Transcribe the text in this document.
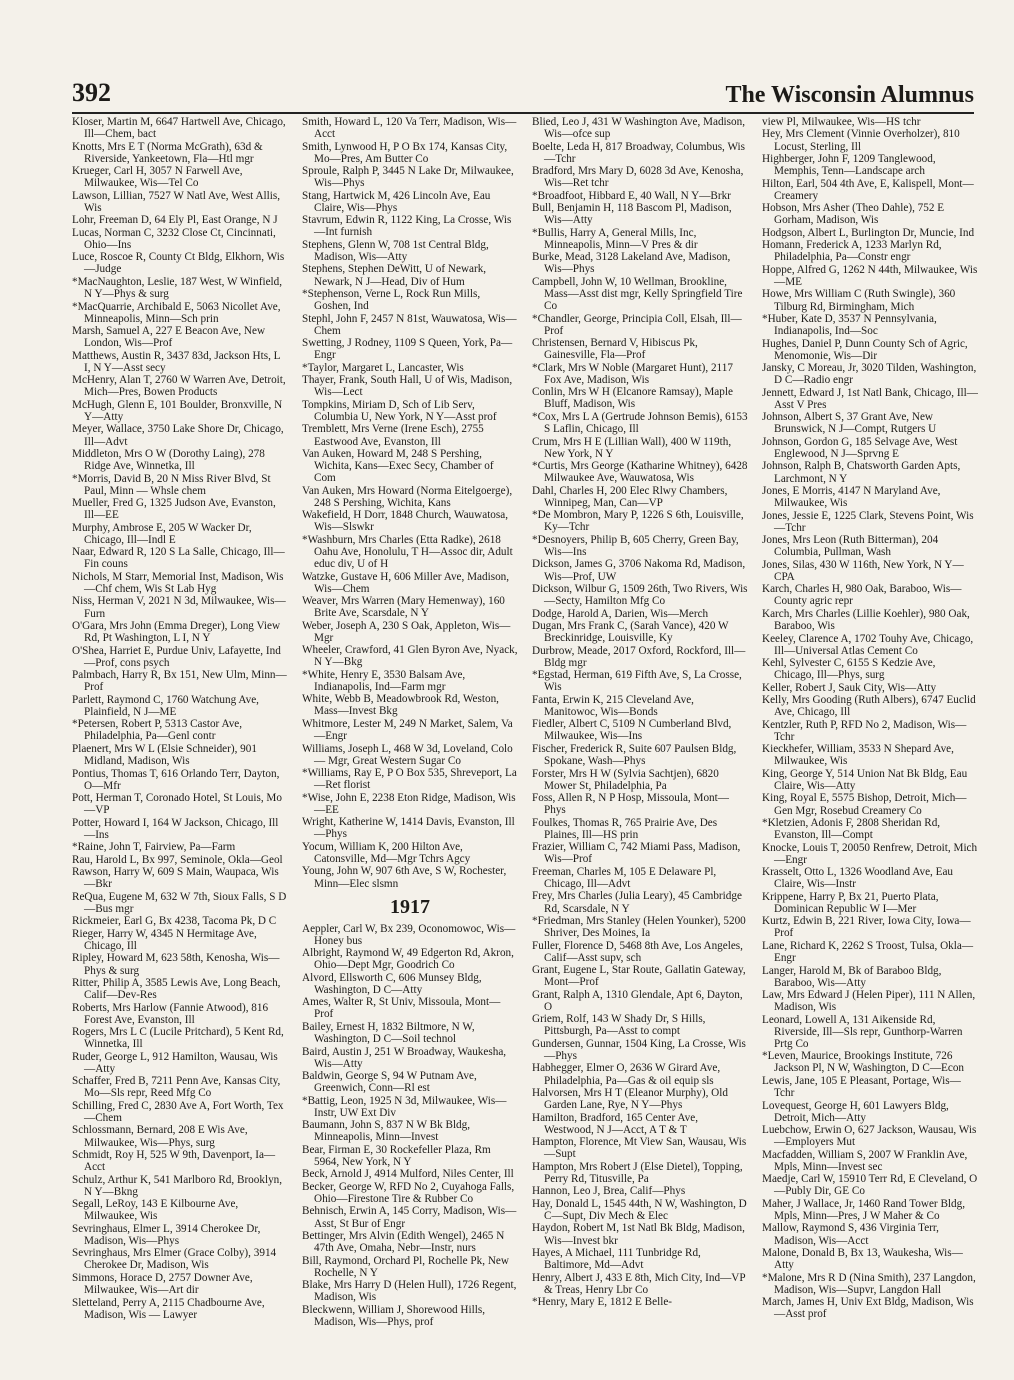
392	The Wisconsin Alumnus

Kloser, Martin M, 6647 Hartwell Ave, Chicago, Ill—Chem, bact

Knotts, Mrs E T (Norma McGrath), 63d & Riverside, Yankeetown, Fla—Htl mgr

Krueger, Carl H, 3057 N Farwell Ave, Milwaukee, Wis—Tel Co

Lawson, Lillian, 7527 W Natl Ave, West Allis, Wis

Lohr, Freeman D, 64 Ely Pl, East Orange, N J

Lucas, Norman C, 3232 Close Ct, Cincinnati, Ohio—Ins

Luce, Roscoe R, County Ct Bldg, Elkhorn, Wis—Judge

*MacNaughton, Leslie, 187 West, W Winfield, N Y—Phys & surg

*MacQuarrie, Archibald E, 5063 Nicollet Ave, Minneapolis, Minn—Sch prin

Marsh, Samuel A, 227 E Beacon Ave, New London, Wis—Prof

Matthews, Austin R, 3437 83d, Jackson Hts, L I, N Y—Asst secy

McHenry, Alan T, 2760 W Warren Ave, Detroit, Mich—Pres, Bowen Products

McHugh, Glenn E, 101 Boulder, Bronxville, N Y—Atty

Meyer, Wallace, 3750 Lake Shore Dr, Chicago, Ill—Advt

Middleton, Mrs O W (Dorothy Laing), 278 Ridge Ave, Winnetka, Ill

*Morris, David B, 20 N Miss River Blvd, St Paul, Minn — Whsle chem

Mueller, Fred G, 1325 Judson Ave, Evanston, Ill—EE

Murphy, Ambrose E, 205 W Wacker Dr, Chicago, Ill—Indl E

Naar, Edward R, 120 S La Salle, Chicago, Ill—Fin couns

Nichols, M Starr, Memorial Inst, Madison, Wis—Chf chem, Wis St Lab Hyg

Niss, Herman V, 2021 N 3d, Milwaukee, Wis—Furn

O'Gara, Mrs John (Emma Dreger), Long View Rd, Pt Washington, L I, N Y

O'Shea, Harriet E, Purdue Univ, Lafayette, Ind—Prof, cons psych

Palmbach, Harry R, Bx 151, New Ulm, Minn—Prof

Parlett, Raymond C, 1760 Watchung Ave, Plainfield, N J—ME

*Petersen, Robert P, 5313 Castor Ave, Philadelphia, Pa—Genl contr

Plaenert, Mrs W L (Elsie Schneider), 901 Midland, Madison, Wis

Pontius, Thomas T, 616 Orlando Terr, Dayton, O—Mfr

Pott, Herman T, Coronado Hotel, St Louis, Mo—VP

Potter, Howard I, 164 W Jackson, Chicago, Ill—Ins

*Raine, John T, Fairview, Pa—Farm

Rau, Harold L, Bx 997, Seminole, Okla—Geol

Rawson, Harry W, 609 S Main, Waupaca, Wis—Bkr

ReQua, Eugene M, 632 W 7th, Sioux Falls, S D—Bus mgr

Rickmeier, Earl G, Bx 4238, Tacoma Pk, D C

Rieger, Harry W, 4345 N Hermitage Ave, Chicago, Ill

Ripley, Howard M, 623 58th, Kenosha, Wis—Phys & surg

Ritter, Philip A, 3585 Lewis Ave, Long Beach, Calif—Dev-Res

Roberts, Mrs Harlow (Fannie Atwood), 816 Forest Ave, Evanston, Ill

Rogers, Mrs L C (Lucile Pritchard), 5 Kent Rd, Winnetka, Ill

Ruder, George L, 912 Hamilton, Wausau, Wis—Atty

Schaffer, Fred B, 7211 Penn Ave, Kansas City, Mo—Sls repr, Reed Mfg Co

Schilling, Fred C, 2830 Ave A, Fort Worth, Tex—Chem

Schlossmann, Bernard, 208 E Wis Ave, Milwaukee, Wis—Phys, surg

Schmidt, Roy H, 525 W 9th, Davenport, Ia—Acct

Schulz, Arthur K, 541 Marlboro Rd, Brooklyn, N Y—Bkng

Segall, LeRoy, 143 E Kilbourne Ave, Milwaukee, Wis

Sevringhaus, Elmer L, 3914 Cherokee Dr, Madison, Wis—Phys

Sevringhaus, Mrs Elmer (Grace Colby), 3914 Cherokee Dr, Madison, Wis

Simmons, Horace D, 2757 Downer Ave, Milwaukee, Wis—Art dir

Sletteland, Perry A, 2115 Chadbourne Ave, Madison, Wis — Lawyer

Smith, Howard L, 120 Va Terr, Madison, Wis—Acct

Smith, Lynwood H, P O Bx 174, Kansas City, Mo—Pres, Am Butter Co

Sproule, Ralph P, 3445 N Lake Dr, Milwaukee, Wis—Phys

Stang, Hartwick M, 426 Lincoln Ave, Eau Claire, Wis—Phys

Stavrum, Edwin R, 1122 King, La Crosse, Wis—Int furnish

Stephens, Glenn W, 708 1st Central Bldg, Madison, Wis—Atty

Stephens, Stephen DeWitt, U of Newark, Newark, N J—Head, Div of Hum

*Stephenson, Verne L, Rock Run Mills, Goshen, Ind

Stephl, John F, 2457 N 81st, Wauwatosa, Wis—Chem

Swetting, J Rodney, 1109 S Queen, York, Pa—Engr

*Taylor, Margaret L, Lancaster, Wis

Thayer, Frank, South Hall, U of Wis, Madison, Wis—Lect

Tompkins, Miriam D, Sch of Lib Serv, Columbia U, New York, N Y—Asst prof

Tremblett, Mrs Verne (Irene Esch), 2755 Eastwood Ave, Evanston, Ill

Van Auken, Howard M, 248 S Pershing, Wichita, Kans—Exec Secy, Chamber of Com

Van Auken, Mrs Howard (Norma Eitelgoerge), 248 S Pershing, Wichita, Kans

Wakefield, H Dorr, 1848 Church, Wauwatosa, Wis—Slswkr

*Washburn, Mrs Charles (Etta Radke), 2618 Oahu Ave, Honolulu, T H—Assoc dir, Adult educ div, U of H

Watzke, Gustave H, 606 Miller Ave, Madison, Wis—Chem

Weaver, Mrs Warren (Mary Hemenway), 160 Brite Ave, Scarsdale, N Y

Weber, Joseph A, 230 S Oak, Appleton, Wis—Mgr

Wheeler, Crawford, 41 Glen Byron Ave, Nyack, N Y—Bkg

*White, Henry E, 3530 Balsam Ave, Indianapolis, Ind—Farm mgr

White, Webb B, Meadowbrook Rd, Weston, Mass—Invest Bkg

Whitmore, Lester M, 249 N Market, Salem, Va—Engr

Williams, Joseph L, 468 W 3d, Loveland, Colo — Mgr, Great Western Sugar Co

*Williams, Ray E, P O Box 535, Shreveport, La—Ret florist

*Wise, John E, 2238 Eton Ridge, Madison, Wis—EE

Wright, Katherine W, 1414 Davis, Evanston, Ill—Phys

Yocum, William K, 200 Hilton Ave, Catonsville, Md—Mgr Tchrs Agcy

Young, John W, 907 6th Ave, S W, Rochester, Minn—Elec slsmn

1917

Aeppler, Carl W, Bx 239, Oconomowoc, Wis—Honey bus

Albright, Raymond W, 49 Edgerton Rd, Akron, Ohio—Dept Mgr, Goodrich Co

Alvord, Ellsworth C, 606 Munsey Bldg, Washington, D C—Atty

Ames, Walter R, St Univ, Missoula, Mont—Prof

Bailey, Ernest H, 1832 Biltmore, N W, Washington, D C—Soil technol

Baird, Austin J, 251 W Broadway, Waukesha, Wis—Atty

Baldwin, George S, 94 W Putnam Ave, Greenwich, Conn—Rl est

*Battig, Leon, 1925 N 3d, Milwaukee, Wis—Instr, UW Ext Div

Baumann, John S, 837 N W Bk Bldg, Minneapolis, Minn—Invest

Bear, Firman E, 30 Rockefeller Plaza, Rm 5964, New York, N Y

Beck, Arnold J, 4914 Mulford, Niles Center, Ill

Becker, George W, RFD No 2, Cuyahoga Falls, Ohio—Firestone Tire & Rubber Co

Behnisch, Erwin A, 145 Corry, Madison, Wis—Asst, St Bur of Engr

Bettinger, Mrs Alvin (Edith Wengel), 2465 N 47th Ave, Omaha, Nebr—Instr, nurs

Bill, Raymond, Orchard Pl, Rochelle Pk, New Rochelle, N Y

Blake, Mrs Harry D (Helen Hull), 1726 Regent, Madison, Wis

Bleckwenn, William J, Shorewood Hills, Madison, Wis—Phys, prof

Blied, Leo J, 431 W Washington Ave, Madison, Wis—ofce sup

Boelte, Leda H, 817 Broadway, Columbus, Wis—Tchr

Bradford, Mrs Mary D, 6028 3d Ave, Kenosha, Wis—Ret tchr

*Broadfoot, Hibbard E, 40 Wall, N Y—Brkr

Bull, Benjamin H, 118 Bascom Pl, Madison, Wis—Atty

*Bullis, Harry A, General Mills, Inc, Minneapolis, Minn—V Pres & dir

Burke, Mead, 3128 Lakeland Ave, Madison, Wis—Phys

Campbell, John W, 10 Wellman, Brookline, Mass—Asst dist mgr, Kelly Springfield Tire Co

*Chandler, George, Principia Coll, Elsah, Ill—Prof

Christensen, Bernard V, Hibiscus Pk, Gainesville, Fla—Prof

*Clark, Mrs W Noble (Margaret Hunt), 2117 Fox Ave, Madison, Wis

Conlin, Mrs W H (Elcanore Ramsay), Maple Bluff, Madison, Wis

*Cox, Mrs L A (Gertrude Johnson Bemis), 6153 S Laflin, Chicago, Ill

Crum, Mrs H E (Lillian Wall), 400 W 119th, New York, N Y

*Curtis, Mrs George (Katharine Whitney), 6428 Milwaukee Ave, Wauwatosa, Wis

Dahl, Charles H, 200 Elec Rlwy Chambers, Winnipeg, Man, Can—VP

*De Mombron, Mary P, 1226 S 6th, Louisville, Ky—Tchr

*Desnoyers, Philip B, 605 Cherry, Green Bay, Wis—Ins

Dickson, James G, 3706 Nakoma Rd, Madison, Wis—Prof, UW

Dickson, Wilbur G, 1509 26th, Two Rivers, Wis—Secty, Hamilton Mfg Co

Dodge, Harold A, Darien, Wis—Merch

Dugan, Mrs Frank C, (Sarah Vance), 420 W Breckinridge, Louisville, Ky

Durbrow, Meade, 2017 Oxford, Rockford, Ill—Bldg mgr

*Egstad, Herman, 619 Fifth Ave, S, La Crosse, Wis

Fanta, Erwin K, 215 Cleveland Ave, Manitowoc, Wis—Bonds

Fiedler, Albert C, 5109 N Cumberland Blvd, Milwaukee, Wis—Ins

Fischer, Frederick R, Suite 607 Paulsen Bldg, Spokane, Wash—Phys

Forster, Mrs H W (Sylvia Sachtjen), 6820 Mower St, Philadelphia, Pa

Foss, Allen R, N P Hosp, Missoula, Mont—Phys

Foulkes, Thomas R, 765 Prairie Ave, Des Plaines, Ill—HS prin

Frazier, William C, 742 Miami Pass, Madison, Wis—Prof

Freeman, Charles M, 105 E Delaware Pl, Chicago, Ill—Advt

Frey, Mrs Charles (Julia Leary), 45 Cambridge Rd, Scarsdale, N Y

*Friedman, Mrs Stanley (Helen Younker), 5200 Shriver, Des Moines, Ia

Fuller, Florence D, 5468 8th Ave, Los Angeles, Calif—Asst supv, sch

Grant, Eugene L, Star Route, Gallatin Gateway, Mont—Prof

Grant, Ralph A, 1310 Glendale, Apt 6, Dayton, O

Griem, Rolf, 143 W Shady Dr, S Hills, Pittsburgh, Pa—Asst to compt

Gundersen, Gunnar, 1504 King, La Crosse, Wis—Phys

Habhegger, Elmer O, 2636 W Girard Ave, Philadelphia, Pa—Gas & oil equip sls

Halvorsen, Mrs H T (Eleanor Murphy), Old Garden Lane, Rye, N Y—Phys

Hamilton, Bradford, 165 Center Ave, Westwood, N J—Acct, A T & T

Hampton, Florence, Mt View San, Wausau, Wis—Supt

Hampton, Mrs Robert J (Else Dietel), Topping, Perry Rd, Titusville, Pa

Hannon, Leo J, Brea, Calif—Phys

Hay, Donald L, 1545 44th, N W, Washington, D C—Supt, Div Mech & Elec

Haydon, Robert M, 1st Natl Bk Bldg, Madison, Wis—Invest bkr

Hayes, A Michael, 111 Tunbridge Rd, Baltimore, Md—Advt

Henry, Albert J, 433 E 8th, Mich City, Ind—VP & Treas, Henry Lbr Co

*Henry, Mary E, 1812 E Belle-

view Pl, Milwaukee, Wis—HS tchr

Hey, Mrs Clement (Vinnie Overholzer), 810 Locust, Sterling, Ill

Highberger, John F, 1209 Tanglewood, Memphis, Tenn—Landscape arch

Hilton, Earl, 504 4th Ave, E, Kalispell, Mont—Creamery

Hobson, Mrs Asher (Theo Dahle), 752 E Gorham, Madison, Wis

Hodgson, Albert L, Burlington Dr, Muncie, Ind

Homann, Frederick A, 1233 Marlyn Rd, Philadelphia, Pa—Constr engr

Hoppe, Alfred G, 1262 N 44th, Milwaukee, Wis—ME

Howe, Mrs William C (Ruth Swingle), 360 Tilburg Rd, Birmingham, Mich

*Huber, Kate D, 3537 N Pennsylvania, Indianapolis, Ind—Soc

Hughes, Daniel P, Dunn County Sch of Agric, Menomonie, Wis—Dir

Jansky, C Moreau, Jr, 3020 Tilden, Washington, D C—Radio engr

Jennett, Edward J, 1st Natl Bank, Chicago, Ill—Asst V Pres

Johnson, Albert S, 37 Grant Ave, New Brunswick, N J—Compt, Rutgers U

Johnson, Gordon G, 185 Selvage Ave, West Englewood, N J—Sprvng E

Johnson, Ralph B, Chatsworth Garden Apts, Larchmont, N Y

Jones, E Morris, 4147 N Maryland Ave, Milwaukee, Wis

Jones, Jessie E, 1225 Clark, Stevens Point, Wis—Tchr

Jones, Mrs Leon (Ruth Bitterman), 204 Columbia, Pullman, Wash

Jones, Silas, 430 W 116th, New York, N Y—CPA

Karch, Charles H, 980 Oak, Baraboo, Wis—County agric repr

Karch, Mrs Charles (Lillie Koehler), 980 Oak, Baraboo, Wis

Keeley, Clarence A, 1702 Touhy Ave, Chicago, Ill—Universal Atlas Cement Co

Kehl, Sylvester C, 6155 S Kedzie Ave, Chicago, Ill—Phys, surg

Keller, Robert J, Sauk City, Wis—Atty

Kelly, Mrs Gooding (Ruth Albers), 6747 Euclid Ave, Chicago, Ill

Kentzler, Ruth P, RFD No 2, Madison, Wis—Tchr

Kieckhefer, William, 3533 N Shepard Ave, Milwaukee, Wis

King, George Y, 514 Union Nat Bk Bldg, Eau Claire, Wis—Atty

King, Royal E, 5575 Bishop, Detroit, Mich—Gen Mgr, Rosebud Creamery Co

*Kletzien, Adonis F, 2808 Sheridan Rd, Evanston, Ill—Compt

Knocke, Louis T, 20050 Renfrew, Detroit, Mich—Engr

Krasselt, Otto L, 1326 Woodland Ave, Eau Claire, Wis—Instr

Krippene, Harry P, Bx 21, Puerto Plata, Dominican Republic W I—Mer

Kurtz, Edwin B, 221 River, Iowa City, Iowa—Prof

Lane, Richard K, 2262 S Troost, Tulsa, Okla—Engr

Langer, Harold M, Bk of Baraboo Bldg, Baraboo, Wis—Atty

Law, Mrs Edward J (Helen Piper), 111 N Allen, Madison, Wis

Leonard, Lowell A, 131 Aikenside Rd, Riverside, Ill—Sls repr, Gunthorp-Warren Prtg Co

*Leven, Maurice, Brookings Institute, 726 Jackson Pl, N W, Washington, D C—Econ

Lewis, Jane, 105 E Pleasant, Portage, Wis—Tchr

Lovequest, George H, 601 Lawyers Bldg, Detroit, Mich—Atty

Luebchow, Erwin O, 627 Jackson, Wausau, Wis—Employers Mut

Macfadden, William S, 2007 W Franklin Ave, Mpls, Minn—Invest sec

Maedje, Carl W, 15910 Terr Rd, E Cleveland, O—Publy Dir, GE Co

Maher, J Wallace, Jr, 1460 Rand Tower Bldg, Mpls, Minn—Pres, J W Maher & Co

Mallow, Raymond S, 436 Virginia Terr, Madison, Wis—Acct

Malone, Donald B, Bx 13, Waukesha, Wis—Atty

*Malone, Mrs R D (Nina Smith), 237 Langdon, Madison, Wis—Supvr, Langdon Hall

March, James H, Univ Ext Bldg, Madison, Wis—Asst prof
